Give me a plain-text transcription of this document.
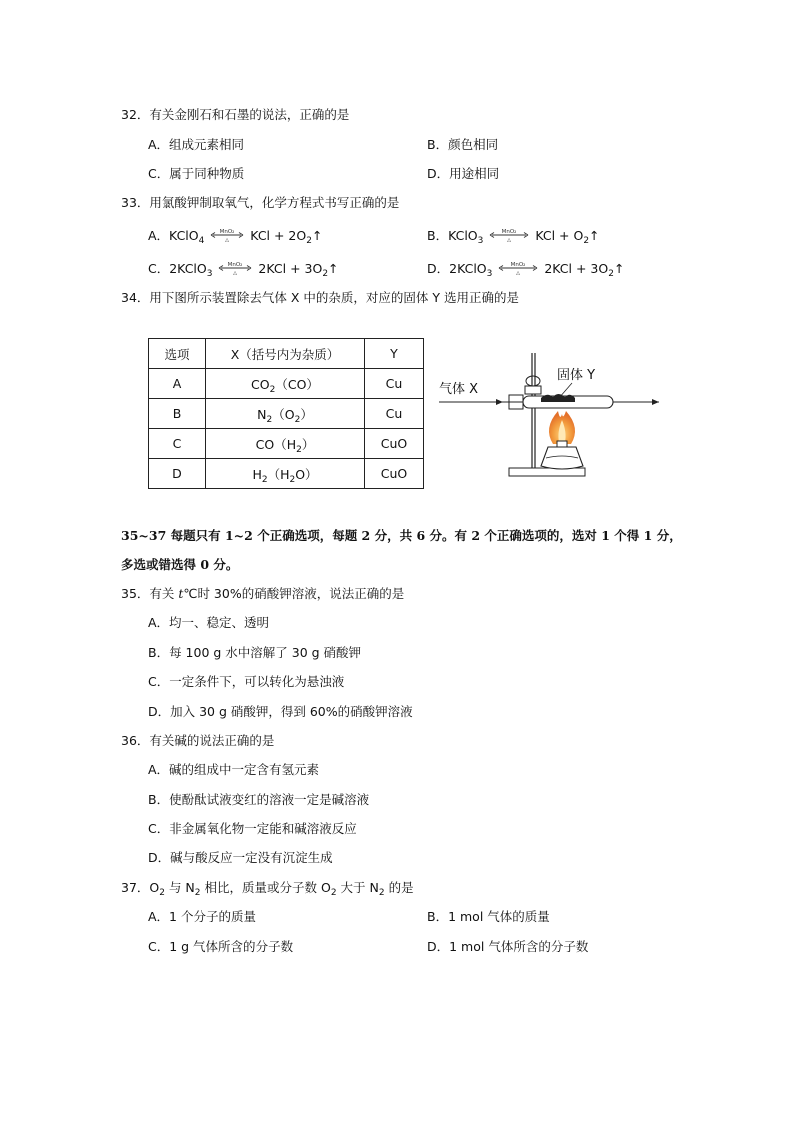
32．有关金刚石和石墨的说法，正确的是
A．组成元素相同	B．颜色相同
C．属于同种物质	D．用途相同
33．用氯酸钾制取氧气，化学方程式书写正确的是
A．KClO$_4$
MnO₂
△ KCl + $2O_2↑$	B．KClO$_3$
MnO₂
△ KCl + $O_2↑$
C．2KClO$_3$
MnO₂
△ $2KCl + 3O_2↑$	D．2KClO$_3$
MnO₂
△ $2KCl + 3O_2↑$
34．用下图所示装置除去气体 X 中的杂质，对应的固体 Y 选用正确的是
选项	X（括号内为杂质）	Y
A	$CO_2(CO)$	Cu
B	$N_2(O_2)$	Cu
C	$CO(H_2)$	CuO
D	$H_2(H_2O)$	CuO
气体 X
固体 Y
35~37 每题只有 1~2 个正确选项，每题 2 分，共 6 分。有 2 个正确选项的，选对 1 个得 1 分，
多选或错选得 0 分。
35．有关 t℃时 30%的硝酸钾溶液，说法正确的是
A．均一、稳定、透明
B．每 100 g 水中溶解了 30 g 硝酸钾
C．一定条件下，可以转化为悬浊液
D．加入 30 g 硝酸钾，得到 60%的硝酸钾溶液
36．有关碱的说法正确的是
A．碱的组成中一定含有氢元素
B．使酚酞试液变红的溶液一定是碱溶液
C．非金属氧化物一定能和碱溶液反应
D．碱与酸反应一定没有沉淀生成
37．$O_2$ 与 $N_2$ 相比，质量或分子数 $O_2$ 大于 $N_2$ 的是
A．1 个分子的质量	B．1 mol 气体的质量
C．1 g 气体所含的分子数	D．1 mol 气体所含的分子数
